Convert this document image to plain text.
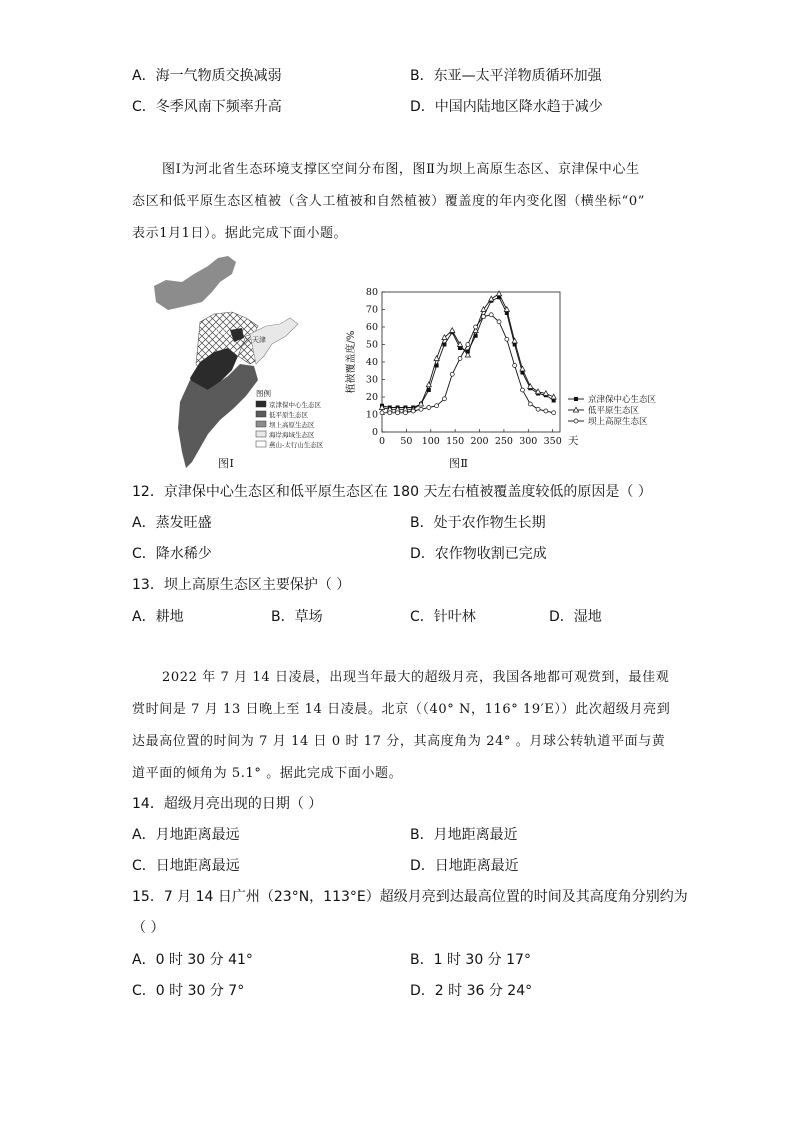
A．海一气物质交换减弱	B．东亚—太平洋物质循环加强
C．冬季风南下频率升高	D．中国内陆地区降水趋于减少

图Ⅰ为河北省生态环境支撑区空间分布图，图Ⅱ为坝上高原生态区、京津保中心生

态区和低平原生态区植被（含人工植被和自然植被）覆盖度的年内变化图（横坐标“0”

表示1月1日）。据此完成下面小题。

北京
天津
图例
京津保中心生态区
低平原生态区
坝上高原生态区
海岸海域生态区
燕山-太行山生态区
图Ⅰ
0
10
20
30
40
50
60
70
80
0 50 100 150 200 250 300 350 天
植被覆盖度/%
京津保中心生态区
低平原生态区
坝上高原生态区
图Ⅱ
12．京津保中心生态区和低平原生态区在 180 天左右植被覆盖度较低的原因是（ ）
A．蒸发旺盛	B．处于农作物生长期
C．降水稀少	D．农作物收割已完成
13．坝上高原生态区主要保护（ ）
A．耕地	B．草场	C．针叶林	D．湿地

2022 年 7 月 14 日凌晨，出现当年最大的超级月亮，我国各地都可观赏到，最佳观

赏时间是 7 月 13 日晚上至 14 日凌晨。北京（（40° N，116° 19′E））此次超级月亮到

达最高位置的时间为 7 月 14 日 0 时 17 分，其高度角为 24° 。月球公转轨道平面与黄

道平面的倾角为 5.1° 。据此完成下面小题。

14．超级月亮出现的日期（ ）
A．月地距离最远	B．月地距离最近
C．日地距离最远	D．日地距离最近
15．7 月 14 日广州（23°N，113°E）超级月亮到达最高位置的时间及其高度角分别约为
（ ）
A．0 时 30 分 41°	B．1 时 30 分 17°
C．0 时 30 分 7°	D．2 时 36 分 24°
